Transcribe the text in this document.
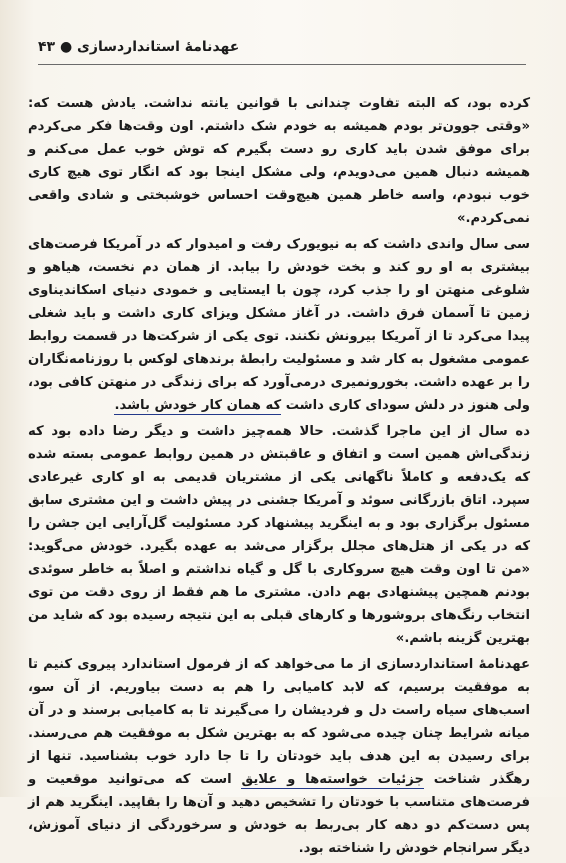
عهدنامهٔ استانداردسازی ● ۴۳

کرده بود، که البته تفاوت چندانی با قوانین یانته نداشت. یادش هست که: «وقتی جوون‌تر بودم همیشه به خودم شک داشتم. اون وقت‌ها فکر می‌کردم برای موفق شدن باید کاری رو دست بگیرم که توش خوب عمل می‌کنم و همیشه دنبال همین می‌دویدم، ولی مشکل اینجا بود که انگار توی هیچ کاری خوب نبودم، واسه خاطر همین هیچ‌وقت احساس خوشبختی و شادی واقعی نمی‌کردم.»

سی سال واندی داشت که به نیویورک رفت و امیدوار که در آمریکا فرصت‌های بیشتری به او رو کند و بخت خودش را بیابد. از همان دم نخست، هیاهو و شلوغی منهتن او را جذب کرد، چون با ایستایی و خمودی دنیای اسکاندیناوی زمین تا آسمان فرق داشت. در آغاز مشکل ویزای کاری داشت و باید شغلی پیدا می‌کرد تا از آمریکا بیرونش نکنند. توی یکی از شرکت‌ها در قسمت روابط عمومی مشغول به کار شد و مسئولیت رابطهٔ برندهای لوکس با روزنامه‌نگاران را بر عهده داشت. بخورونمیری درمی‌آورد که برای زندگی در منهتن کافی بود، ولی هنوز در دلش سودای کاری داشت که همان کار خودش باشد.

ده سال از این ماجرا گذشت. حالا همه‌چیز داشت و دیگر رضا داده بود که زندگی‌اش همین است و اتفاق و عاقبتش در همین روابط عمومی بسته شده که یک‌دفعه و کاملاً ناگهانی یکی از مشتریان قدیمی به او کاری غیرعادی سپرد. اتاق بازرگانی سوئد و آمریکا جشنی در پیش داشت و این مشتری سابق مسئول برگزاری بود و به اینگرید پیشنهاد کرد مسئولیت گل‌آرایی این جشن را که در یکی از هتل‌های مجلل برگزار می‌شد به عهده بگیرد. خودش می‌گوید: «من تا اون وقت هیچ سروکاری با گل و گیاه نداشتم و اصلاً به خاطر سوئدی بودنم همچین پیشنهادی بهم دادن. مشتری ما هم فقط از روی دقت من توی انتخاب رنگ‌های بروشورها و کارهای قبلی به این نتیجه رسیده بود که شاید من بهترین گزینه باشم.»

عهدنامهٔ استانداردسازی از ما می‌خواهد که از فرمول استاندارد پیروی کنیم تا به موفقیت برسیم، که لابد کامیابی را هم به دست بیاوریم. از آن سو، اسب‌های سیاه راست دل و فردیشان را می‌گیرند تا به کامیابی برسند و در آن میانه شرایط چنان چیده می‌شود که به بهترین شکل به موفقیت هم می‌رسند. برای رسیدن به این هدف باید خودتان را تا جا دارد خوب بشناسید. تنها از رهگذر شناخت جزئیات خواسته‌ها و علایق است که می‌توانید موقعیت و فرصت‌های متناسب با خودتان را تشخیص دهید و آن‌ها را بقاپید. اینگرید هم از پس دست‌کم دو دهه کار بی‌ربط به خودش و سرخوردگی از دنیای آموزش، دیگر سرانجام خودش را شناخته بود.
